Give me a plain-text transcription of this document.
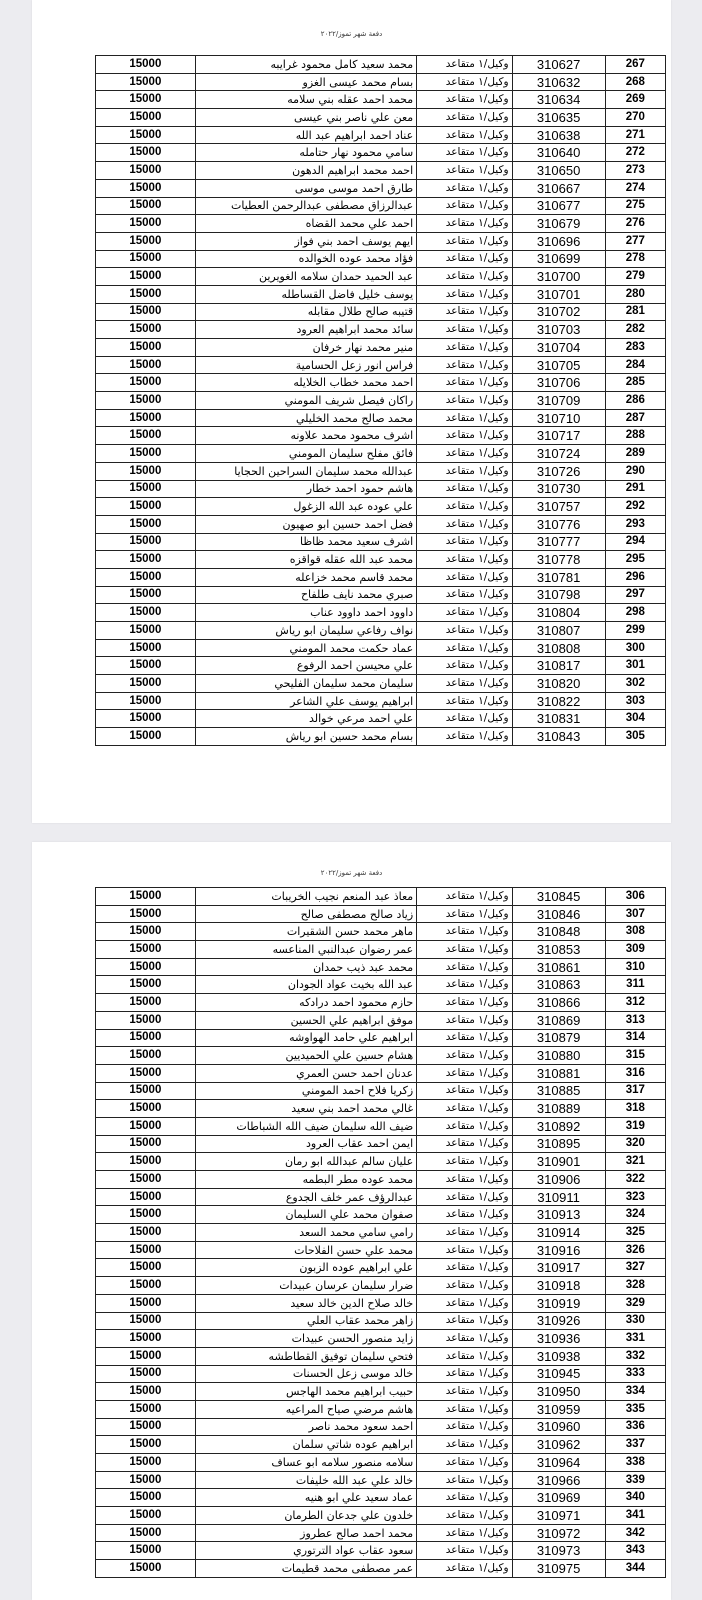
دفعة شهر تموز/٢٠٢٢
15000	محمد سعيد كامل محمود غرايبه	وكيل/١ متقاعد	310627	267
15000	بسام محمد عيسى الغزو	وكيل/١ متقاعد	310632	268
15000	محمد احمد عقله بني سلامه	وكيل/١ متقاعد	310634	269
15000	معن علي ناصر بني عيسى	وكيل/١ متقاعد	310635	270
15000	عناد احمد ابراهيم عبد الله	وكيل/١ متقاعد	310638	271
15000	سامي محمود نهار حتامله	وكيل/١ متقاعد	310640	272
15000	احمد محمد ابراهيم الدهون	وكيل/١ متقاعد	310650	273
15000	طارق احمد موسى موسى	وكيل/١ متقاعد	310667	274
15000	عبدالرزاق مصطفى عبدالرحمن العطيات	وكيل/١ متقاعد	310677	275
15000	احمد علي محمد القضاه	وكيل/١ متقاعد	310679	276
15000	ايهم يوسف احمد بني فواز	وكيل/١ متقاعد	310696	277
15000	فؤاد محمد عوده الخوالده	وكيل/١ متقاعد	310699	278
15000	عبد الحميد حمدان سلامه الغويرين	وكيل/١ متقاعد	310700	279
15000	يوسف خليل فاضل القساطله	وكيل/١ متقاعد	310701	280
15000	قتيبه صالح طلال مقابله	وكيل/١ متقاعد	310702	281
15000	سائد محمد ابراهيم العرود	وكيل/١ متقاعد	310703	282
15000	منير محمد نهار خرفان	وكيل/١ متقاعد	310704	283
15000	فراس انور زعل الحسامية	وكيل/١ متقاعد	310705	284
15000	احمد محمد خطاب الخلايله	وكيل/١ متقاعد	310706	285
15000	راكان فيصل شريف المومني	وكيل/١ متقاعد	310709	286
15000	محمد صالح محمد الخليلي	وكيل/١ متقاعد	310710	287
15000	اشرف محمود محمد علاونه	وكيل/١ متقاعد	310717	288
15000	فائق مفلح سليمان المومني	وكيل/١ متقاعد	310724	289
15000	عبدالله محمد سليمان السراحين الحجايا	وكيل/١ متقاعد	310726	290
15000	هاشم حمود احمد خطار	وكيل/١ متقاعد	310730	291
15000	علي عوده عبد الله الزغول	وكيل/١ متقاعد	310757	292
15000	فضل احمد حسين ابو صهيون	وكيل/١ متقاعد	310776	293
15000	اشرف سعيد محمد ظاظا	وكيل/١ متقاعد	310777	294
15000	محمد عبد الله عقله قواقزه	وكيل/١ متقاعد	310778	295
15000	محمد قاسم محمد خزاعله	وكيل/١ متقاعد	310781	296
15000	صبري محمد نايف طلفاح	وكيل/١ متقاعد	310798	297
15000	داوود احمد داوود عناب	وكيل/١ متقاعد	310804	298
15000	نواف رفاعي سليمان ابو رياش	وكيل/١ متقاعد	310807	299
15000	عماد حكمت محمد المومني	وكيل/١ متقاعد	310808	300
15000	علي محيسن احمد الرفوع	وكيل/١ متقاعد	310817	301
15000	سليمان محمد سليمان الفليحي	وكيل/١ متقاعد	310820	302
15000	ابراهيم يوسف علي الشاعر	وكيل/١ متقاعد	310822	303
15000	علي احمد مرعي خوالد	وكيل/١ متقاعد	310831	304
15000	بسام محمد حسين ابو رياش	وكيل/١ متقاعد	310843	305
دفعة شهر تموز/٢٠٢٢
15000	معاذ عبد المنعم نجيب الخريبات	وكيل/١ متقاعد	310845	306
15000	زياد صالح مصطفى صالح	وكيل/١ متقاعد	310846	307
15000	ماهر محمد حسن الشقيرات	وكيل/١ متقاعد	310848	308
15000	عمر رضوان عبدالنبي المناعسه	وكيل/١ متقاعد	310853	309
15000	محمد عبد ذيب حمدان	وكيل/١ متقاعد	310861	310
15000	عبد الله بخيت عواد الجودان	وكيل/١ متقاعد	310863	311
15000	حازم محمود احمد درادكه	وكيل/١ متقاعد	310866	312
15000	موفق ابراهيم علي الحسين	وكيل/١ متقاعد	310869	313
15000	ابراهيم علي حامد الهواوشه	وكيل/١ متقاعد	310879	314
15000	هشام حسين علي الحميديين	وكيل/١ متقاعد	310880	315
15000	عدنان احمد حسن العمري	وكيل/١ متقاعد	310881	316
15000	زكريا فلاح احمد المومني	وكيل/١ متقاعد	310885	317
15000	غالي محمد احمد بني سعيد	وكيل/١ متقاعد	310889	318
15000	ضيف الله سليمان ضيف الله الشباطات	وكيل/١ متقاعد	310892	319
15000	ايمن احمد عقاب العرود	وكيل/١ متقاعد	310895	320
15000	عليان سالم عبدالله ابو رمان	وكيل/١ متقاعد	310901	321
15000	محمد عوده مطر البطمه	وكيل/١ متقاعد	310906	322
15000	عبدالرؤف عمر خلف الجدوع	وكيل/١ متقاعد	310911	323
15000	صفوان محمد علي السليمان	وكيل/١ متقاعد	310913	324
15000	رامي سامي محمد السعد	وكيل/١ متقاعد	310914	325
15000	محمد علي حسن الفلاحات	وكيل/١ متقاعد	310916	326
15000	علي ابراهيم عوده الزبون	وكيل/١ متقاعد	310917	327
15000	ضرار سليمان عرسان عبيدات	وكيل/١ متقاعد	310918	328
15000	خالد صلاح الدين خالد سعيد	وكيل/١ متقاعد	310919	329
15000	زاهر محمد عقاب العلي	وكيل/١ متقاعد	310926	330
15000	زايد منصور الحسن عبيدات	وكيل/١ متقاعد	310936	331
15000	فتحي سليمان توفيق القطاطشه	وكيل/١ متقاعد	310938	332
15000	خالد موسى زعل الحسنات	وكيل/١ متقاعد	310945	333
15000	حبيب ابراهيم محمد الهاجس	وكيل/١ متقاعد	310950	334
15000	هاشم مرضي صياح المراعيه	وكيل/١ متقاعد	310959	335
15000	احمد سعود محمد ناصر	وكيل/١ متقاعد	310960	336
15000	ابراهيم عوده شاتي سلمان	وكيل/١ متقاعد	310962	337
15000	سلامه منصور سلامه ابو عساف	وكيل/١ متقاعد	310964	338
15000	خالد علي عبد الله خليفات	وكيل/١ متقاعد	310966	339
15000	عماد سعيد علي ابو هنيه	وكيل/١ متقاعد	310969	340
15000	خلدون علي جدعان الطرمان	وكيل/١ متقاعد	310971	341
15000	محمد احمد صالح عطروز	وكيل/١ متقاعد	310972	342
15000	سعود عقاب عواد الترتوري	وكيل/١ متقاعد	310973	343
15000	عمر مصطفى محمد قطيمات	وكيل/١ متقاعد	310975	344
